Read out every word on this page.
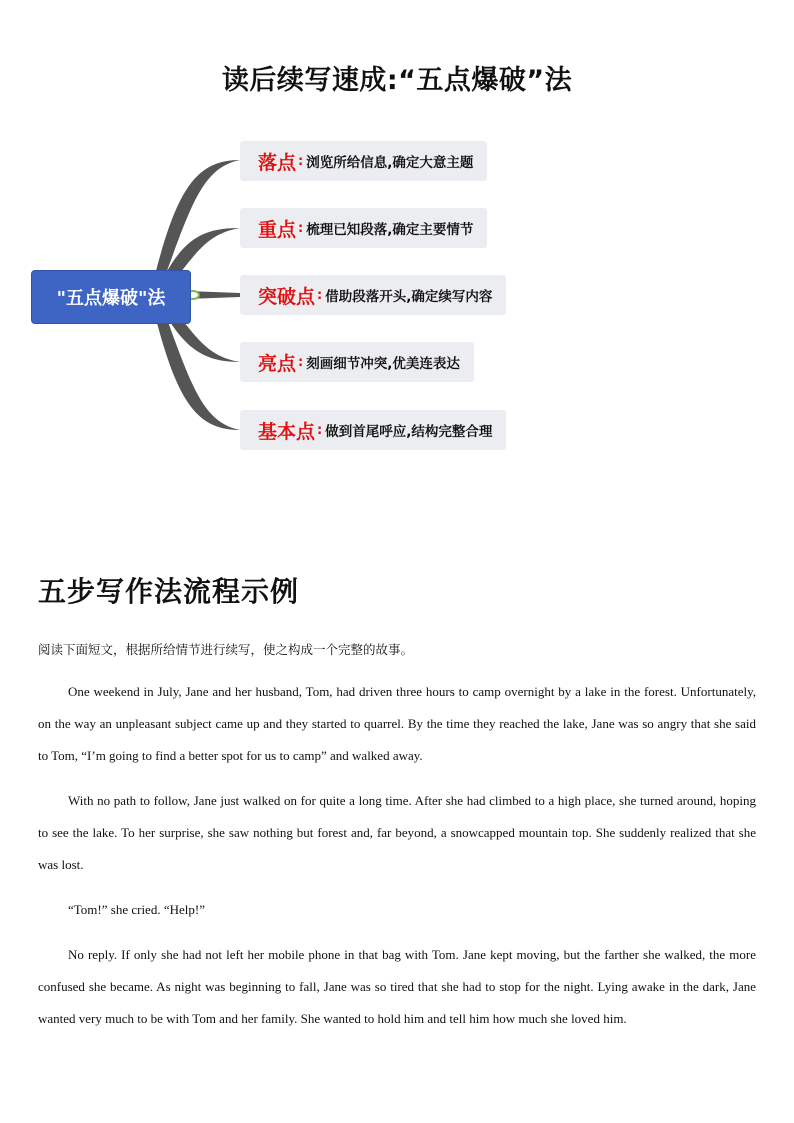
读后续写速成:“五点爆破”法
"五点爆破"法
落点 : 浏览所给信息,确定大意主题
重点 : 梳理已知段落,确定主要情节
突破点 : 借助段落开头,确定续写内容
亮点 : 刻画细节冲突,优美连表达
基本点 : 做到首尾呼应,结构完整合理
五步写作法流程示例
阅读下面短文，根据所给情节进行续写，使之构成一个完整的故事。

One weekend in July, Jane and her husband, Tom, had driven three hours to camp overnight by a lake in the forest. Unfortunately, on the way an unpleasant subject came up and they started to quarrel. By the time they reached the lake, Jane was so angry that she said to Tom, “I’m going to find a better spot for us to camp” and walked away.

With no path to follow, Jane just walked on for quite a long time. After she had climbed to a high place, she turned around, hoping to see the lake. To her surprise, she saw nothing but forest and, far beyond, a snowcapped mountain top. She suddenly realized that she was lost.

“Tom!” she cried. “Help!”

No reply. If only she had not left her mobile phone in that bag with Tom. Jane kept moving, but the farther she walked, the more confused she became. As night was beginning to fall, Jane was so tired that she had to stop for the night. Lying awake in the dark, Jane wanted very much to be with Tom and her family. She wanted to hold him and tell him how much she loved him.
